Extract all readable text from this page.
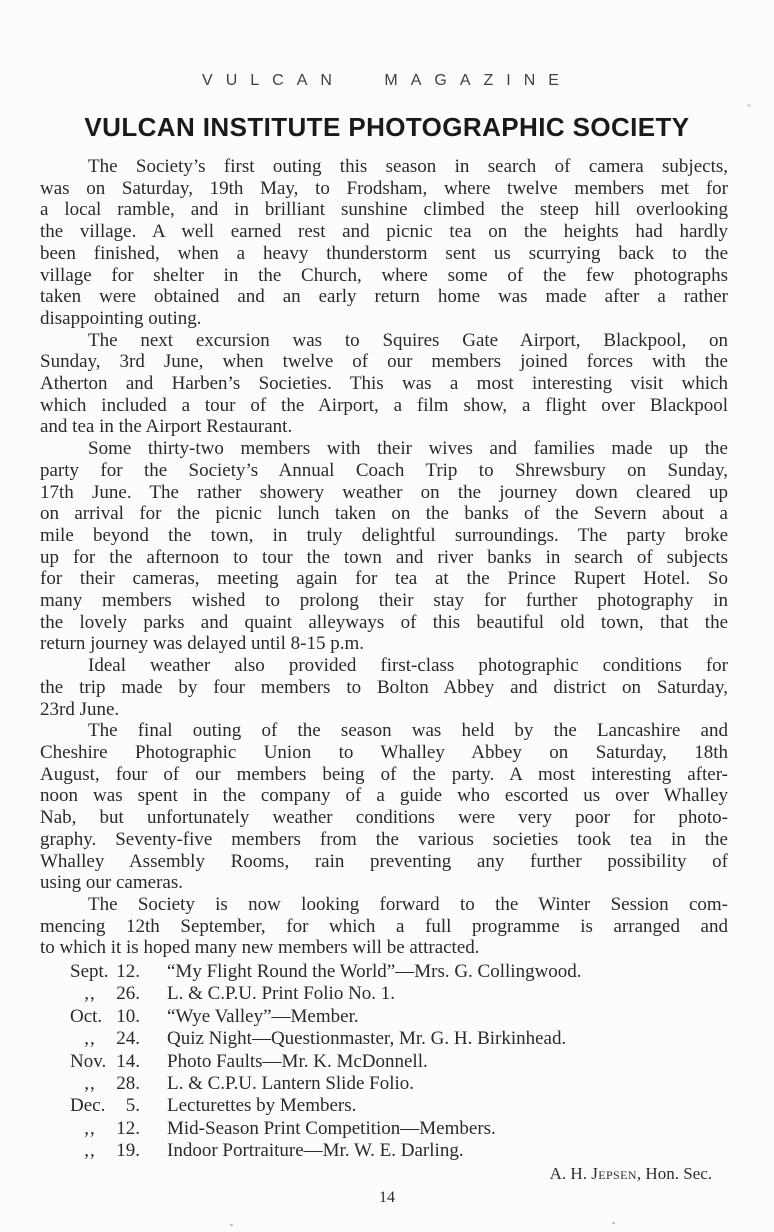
VULCAN MAGAZINE
VULCAN INSTITUTE PHOTOGRAPHIC SOCIETY
The Society’s first outing this season in search of camera subjects,
was on Saturday, 19th May, to Frodsham, where twelve members met for
a local ramble, and in brilliant sunshine climbed the steep hill overlooking
the village. A well earned rest and picnic tea on the heights had hardly
been finished, when a heavy thunderstorm sent us scurrying back to the
village for shelter in the Church, where some of the few photographs
taken were obtained and an early return home was made after a rather
disappointing outing.
The next excursion was to Squires Gate Airport, Blackpool, on
Sunday, 3rd June, when twelve of our members joined forces with the
Atherton and Harben’s Societies. This was a most interesting visit which
which included a tour of the Airport, a film show, a flight over Blackpool
and tea in the Airport Restaurant.
Some thirty-two members with their wives and families made up the
party for the Society’s Annual Coach Trip to Shrewsbury on Sunday,
17th June. The rather showery weather on the journey down cleared up
on arrival for the picnic lunch taken on the banks of the Severn about a
mile beyond the town, in truly delightful surroundings. The party broke
up for the afternoon to tour the town and river banks in search of subjects
for their cameras, meeting again for tea at the Prince Rupert Hotel. So
many members wished to prolong their stay for further photography in
the lovely parks and quaint alleyways of this beautiful old town, that the
return journey was delayed until 8-15 p.m.
Ideal weather also provided first-class photographic conditions for
the trip made by four members to Bolton Abbey and district on Saturday,
23rd June.
The final outing of the season was held by the Lancashire and
Cheshire Photographic Union to Whalley Abbey on Saturday, 18th
August, four of our members being of the party. A most interesting after-
noon was spent in the company of a guide who escorted us over Whalley
Nab, but unfortunately weather conditions were very poor for photo-
graphy. Seventy-five members from the various societies took tea in the
Whalley Assembly Rooms, rain preventing any further possibility of
using our cameras.
The Society is now looking forward to the Winter Session com-
mencing 12th September, for which a full programme is arranged and
to which it is hoped many new members will be attracted.
Sept. 12.	“My Flight Round the World”—Mrs. G. Collingwood.
,,	26.	L. & C.P.U. Print Folio No. 1.
Oct. 10.	“Wye Valley”—Member.
,,	24.	Quiz Night—Questionmaster, Mr. G. H. Birkinhead.
Nov. 14.	Photo Faults—Mr. K. McDonnell.
,,	28.	L. & C.P.U. Lantern Slide Folio.
Dec.	5.	Lecturettes by Members.
,,	12.	Mid-Season Print Competition—Members.
,,	19.	Indoor Portraiture—Mr. W. E. Darling.
A. H. Jepsen, Hon. Sec.
14
